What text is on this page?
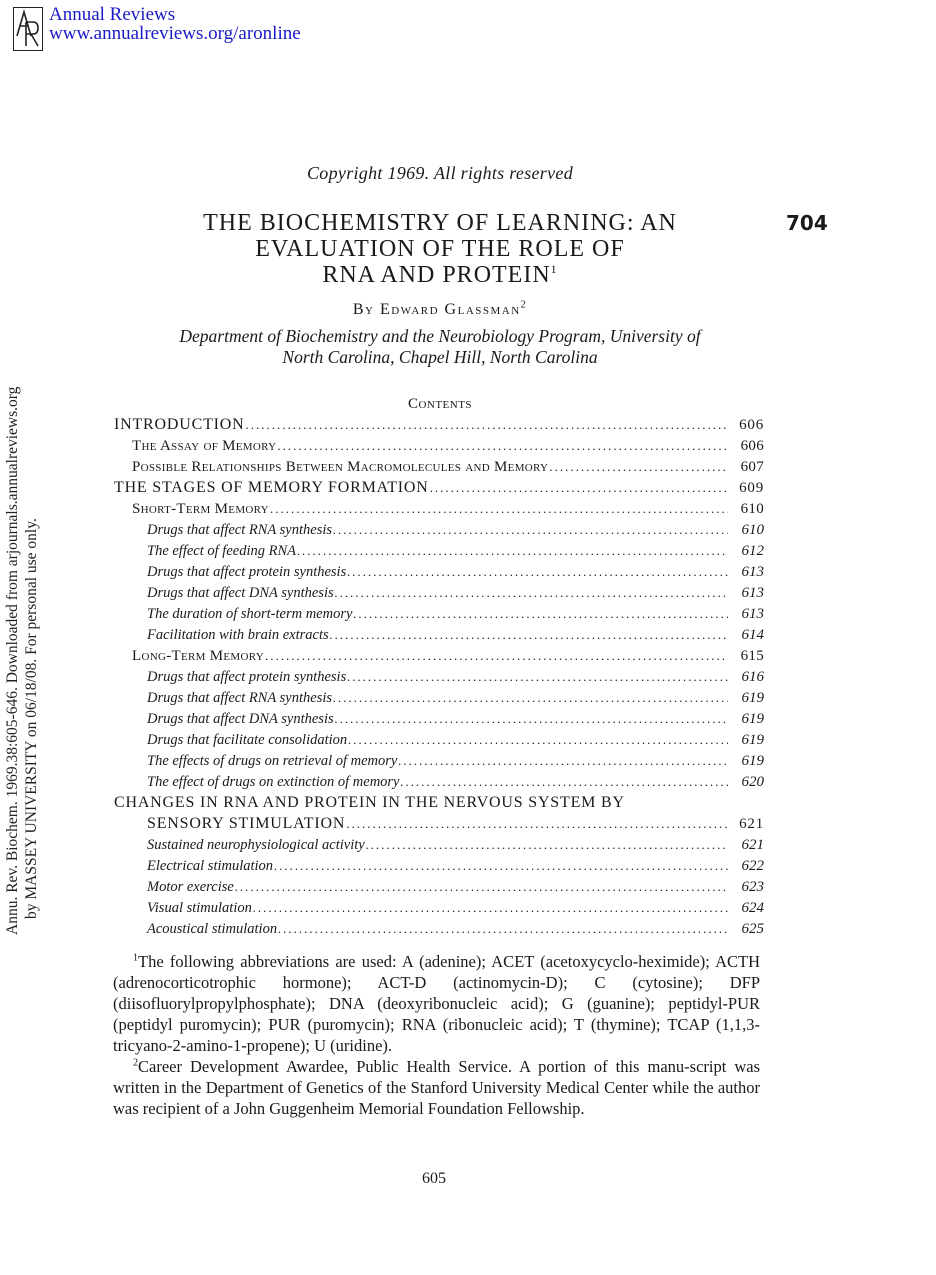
Annual Reviews
www.annualreviews.org/aronline
Annu. Rev. Biochem. 1969.38:605-646. Downloaded from arjournals.annualreviews.org by MASSEY UNIVERSITY on 06/18/08. For personal use only.
Copyright 1969. All rights reserved
704
THE BIOCHEMISTRY OF LEARNING: AN
EVALUATION OF THE ROLE OF
RNA AND PROTEIN$^1$
By Edward Glassman$^2$
Department of Biochemistry and the Neurobiology Program, University of
North Carolina, Chapel Hill, North Carolina
Contents
INTRODUCTION .....	606
The Assay of Memory .....	606
Possible Relationships Between Macromolecules and Memory .....	607
THE STAGES OF MEMORY FORMATION .....	609
Short-Term Memory .....	610
Drugs that affect RNA synthesis .....	610
The effect of feeding RNA .....	612
Drugs that affect protein synthesis .....	613
Drugs that affect DNA synthesis .....	613
The duration of short-term memory .....	613
Facilitation with brain extracts .....	614
Long-Term Memory .....	615
Drugs that affect protein synthesis .....	616
Drugs that affect RNA synthesis .....	619
Drugs that affect DNA synthesis .....	619
Drugs that facilitate consolidation .....	619
The effects of drugs on retrieval of memory .....	619
The effect of drugs on extinction of memory .....	620
CHANGES IN RNA AND PROTEIN IN THE NERVOUS SYSTEM BY
SENSORY STIMULATION .....	621
Sustained neurophysiological activity .....	621
Electrical stimulation .....	622
Motor exercise .....	623
Visual stimulation .....	624
Acoustical stimulation .....	625

$^1$The following abbreviations are used: A (adenine); ACET (acetoxycyclo-heximide); ACTH (adrenocorticotrophic hormone); ACT-D (actinomycin-D); C (cytosine); DFP (diisofluorylpropylphosphate); DNA (deoxyribonucleic acid); G (guanine); peptidyl-PUR (peptidyl puromycin); PUR (puromycin); RNA (ribonucleic acid); T (thymine); TCAP (1,1,3-tricyano-2-amino-1-propene); U (uridine).

$^2$Career Development Awardee, Public Health Service. A portion of this manu-script was written in the Department of Genetics of the Stanford University Medical Center while the author was recipient of a John Guggenheim Memorial Foundation Fellowship.

605
